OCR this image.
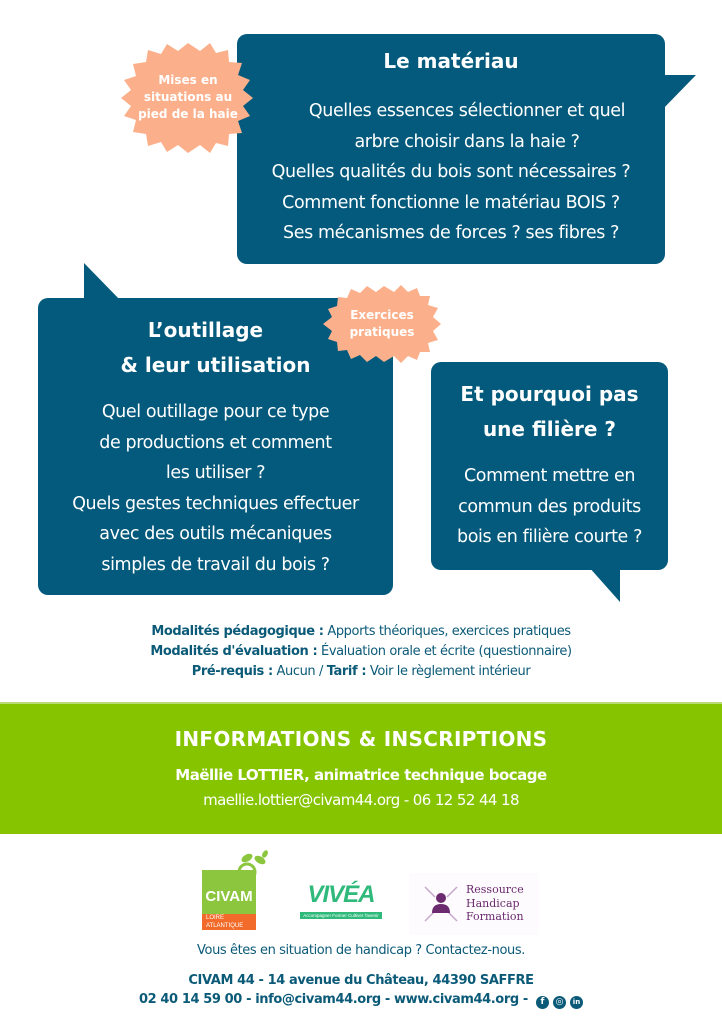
Mises en
situations au
pied de la haie
Le matériau
Quelles essences sélectionner et quel
arbre choisir dans la haie ?
Quelles qualités du bois sont nécessaires ?
Comment fonctionne le matériau BOIS ?
Ses mécanismes de forces ? ses fibres ?
L’outillage
& leur utilisation
Quel outillage pour ce type
de productions et comment
les utiliser ?
Quels gestes techniques effectuer
avec des outils mécaniques
simples de travail du bois ?
Exercices
pratiques
Et pourquoi pas
une filière ?
Comment mettre en
commun des produits
bois en filière courte ?
Modalités pédagogique : Apports théoriques, exercices pratiques
Modalités d'évaluation : Évaluation orale et écrite (questionnaire)
Pré-requis : Aucun / Tarif : Voir le règlement intérieur
INFORMATIONS & INSCRIPTIONS
Maëllie LOTTIER, animatrice technique bocage
maellie.lottier@civam44.org - 06 12 52 44 18
CIVAM
LOIRE
ATLANTIQUE
VIVÉA
Accompagner Former Cultiver l'avenir
Ressource
Handicap
Formation
Vous êtes en situation de handicap ? Contactez-nous.
CIVAM 44 - 14 avenue du Château, 44390 SAFFRE
02 40 14 59 00 - info@civam44.org - www.civam44.org - f ◎ in
